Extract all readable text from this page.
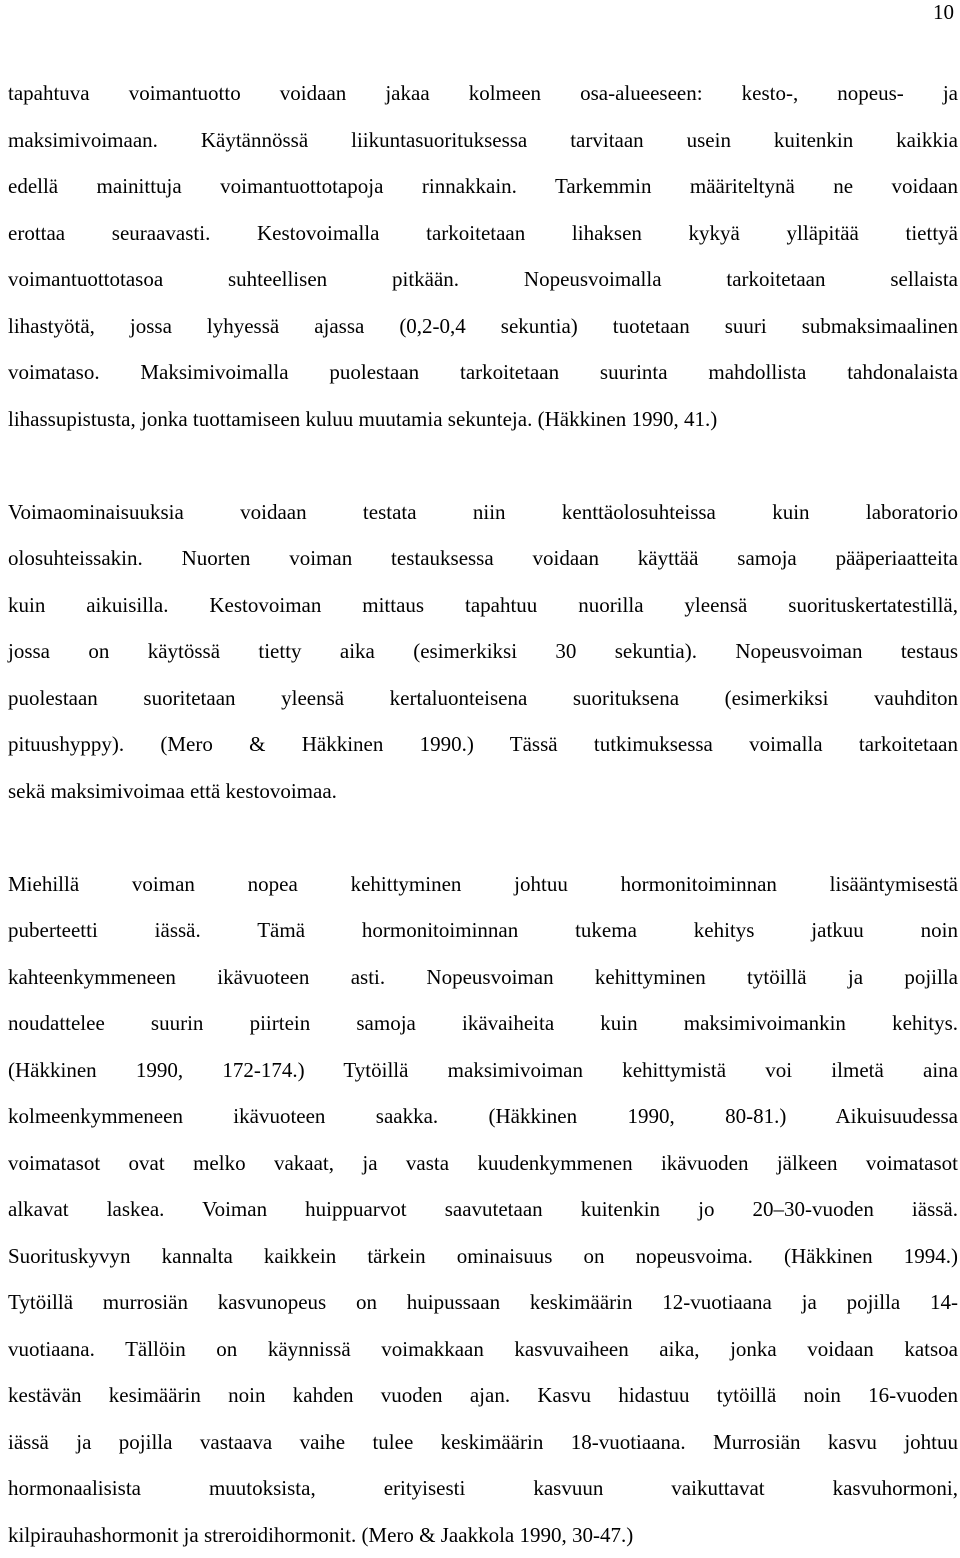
10
tapahtuva voimantuotto voidaan jakaa kolmeen osa-alueeseen: kesto-, nopeus- ja
maksimivoimaan. Käytännössä liikuntasuorituksessa tarvitaan usein kuitenkin kaikkia
edellä mainittuja voimantuottotapoja rinnakkain. Tarkemmin määriteltynä ne voidaan
erottaa seuraavasti. Kestovoimalla tarkoitetaan lihaksen kykyä ylläpitää tiettyä
voimantuottotasoa suhteellisen pitkään. Nopeusvoimalla tarkoitetaan sellaista
lihastyötä, jossa lyhyessä ajassa (0,2-0,4 sekuntia) tuotetaan suuri submaksimaalinen
voimataso. Maksimivoimalla puolestaan tarkoitetaan suurinta mahdollista tahdonalaista
lihassupistusta, jonka tuottamiseen kuluu muutamia sekunteja. (Häkkinen 1990, 41.)
Voimaominaisuuksia voidaan testata niin kenttäolosuhteissa kuin laboratorio
olosuhteissakin. Nuorten voiman testauksessa voidaan käyttää samoja pääperiaatteita
kuin aikuisilla. Kestovoiman mittaus tapahtuu nuorilla yleensä suorituskertatestillä,
jossa on käytössä tietty aika (esimerkiksi 30 sekuntia). Nopeusvoiman testaus
puolestaan suoritetaan yleensä kertaluonteisena suorituksena (esimerkiksi vauhditon
pituushyppy). (Mero & Häkkinen 1990.) Tässä tutkimuksessa voimalla tarkoitetaan
sekä maksimivoimaa että kestovoimaa.
Miehillä voiman nopea kehittyminen johtuu hormonitoiminnan lisääntymisestä
puberteetti iässä. Tämä hormonitoiminnan tukema kehitys jatkuu noin
kahteenkymmeneen ikävuoteen asti. Nopeusvoiman kehittyminen tytöillä ja pojilla
noudattelee suurin piirtein samoja ikävaiheita kuin maksimivoimankin kehitys.
(Häkkinen 1990, 172-174.) Tytöillä maksimivoiman kehittymistä voi ilmetä aina
kolmeenkymmeneen ikävuoteen saakka. (Häkkinen 1990, 80-81.) Aikuisuudessa
voimatasot ovat melko vakaat, ja vasta kuudenkymmenen ikävuoden jälkeen voimatasot
alkavat laskea. Voiman huippuarvot saavutetaan kuitenkin jo 20–30-vuoden iässä.
Suorituskyvyn kannalta kaikkein tärkein ominaisuus on nopeusvoima. (Häkkinen 1994.)
Tytöillä murrosiän kasvunopeus on huipussaan keskimäärin 12-vuotiaana ja pojilla 14-
vuotiaana. Tällöin on käynnissä voimakkaan kasvuvaiheen aika, jonka voidaan katsoa
kestävän kesimäärin noin kahden vuoden ajan. Kasvu hidastuu tytöillä noin 16-vuoden
iässä ja pojilla vastaava vaihe tulee keskimäärin 18-vuotiaana. Murrosiän kasvu johtuu
hormonaalisista muutoksista, erityisesti kasvuun vaikuttavat kasvuhormoni,
kilpirauhashormonit ja streroidihormonit. (Mero & Jaakkola 1990, 30-47.)
